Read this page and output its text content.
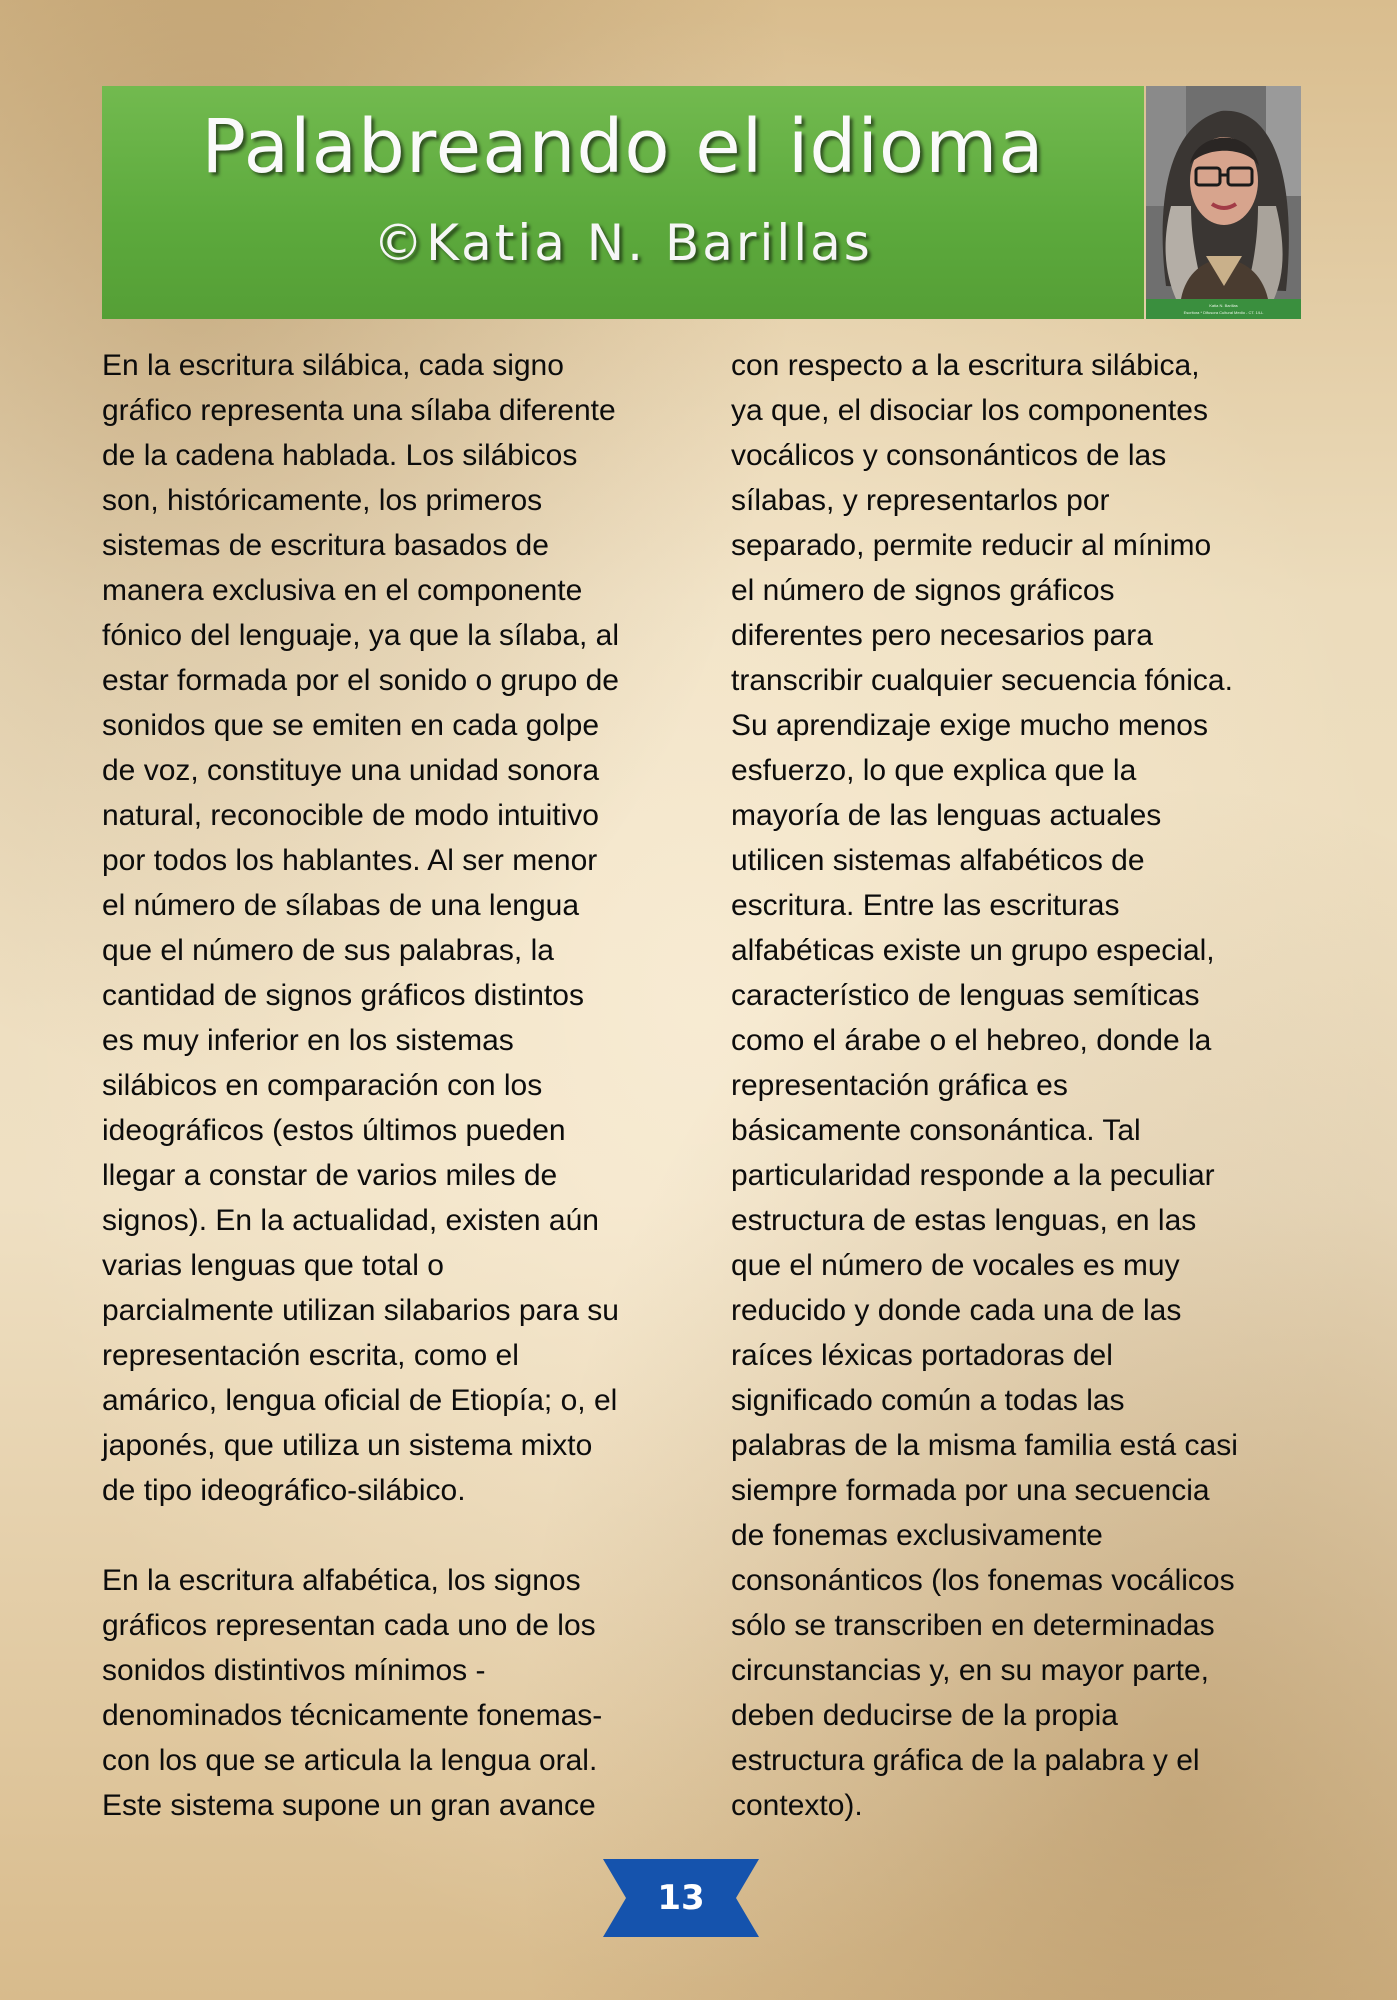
Palabreando el idioma
©Katia N. Barillas
Katia N. Barillas
Escritora * Difusora Cultural Medio - CT. 1/LL
En la escritura silábica, cada signo
gráfico representa una sílaba diferente
de la cadena hablada. Los silábicos
son, históricamente, los primeros
sistemas de escritura basados de
manera exclusiva en el componente
fónico del lenguaje, ya que la sílaba, al
estar formada por el sonido o grupo de
sonidos que se emiten en cada golpe
de voz, constituye una unidad sonora
natural, reconocible de modo intuitivo
por todos los hablantes. Al ser menor
el número de sílabas de una lengua
que el número de sus palabras, la
cantidad de signos gráficos distintos
es muy inferior en los sistemas
silábicos en comparación con los
ideográficos (estos últimos pueden
llegar a constar de varios miles de
signos). En la actualidad, existen aún
varias lenguas que total o
parcialmente utilizan silabarios para su
representación escrita, como el
amárico, lengua oficial de Etiopía; o, el
japonés, que utiliza un sistema mixto
de tipo ideográfico-silábico.
En la escritura alfabética, los signos
gráficos representan cada uno de los
sonidos distintivos mínimos -
denominados técnicamente fonemas-
con los que se articula la lengua oral.
Este sistema supone un gran avance
con respecto a la escritura silábica,
ya que, el disociar los componentes
vocálicos y consonánticos de las
sílabas, y representarlos por
separado, permite reducir al mínimo
el número de signos gráficos
diferentes pero necesarios para
transcribir cualquier secuencia fónica.
Su aprendizaje exige mucho menos
esfuerzo, lo que explica que la
mayoría de las lenguas actuales
utilicen sistemas alfabéticos de
escritura. Entre las escrituras
alfabéticas existe un grupo especial,
característico de lenguas semíticas
como el árabe o el hebreo, donde la
representación gráfica es
básicamente consonántica. Tal
particularidad responde a la peculiar
estructura de estas lenguas, en las
que el número de vocales es muy
reducido y donde cada una de las
raíces léxicas portadoras del
significado común a todas las
palabras de la misma familia está casi
siempre formada por una secuencia
de fonemas exclusivamente
consonánticos (los fonemas vocálicos
sólo se transcriben en determinadas
circunstancias y, en su mayor parte,
deben deducirse de la propia
estructura gráfica de la palabra y el
contexto).
13
